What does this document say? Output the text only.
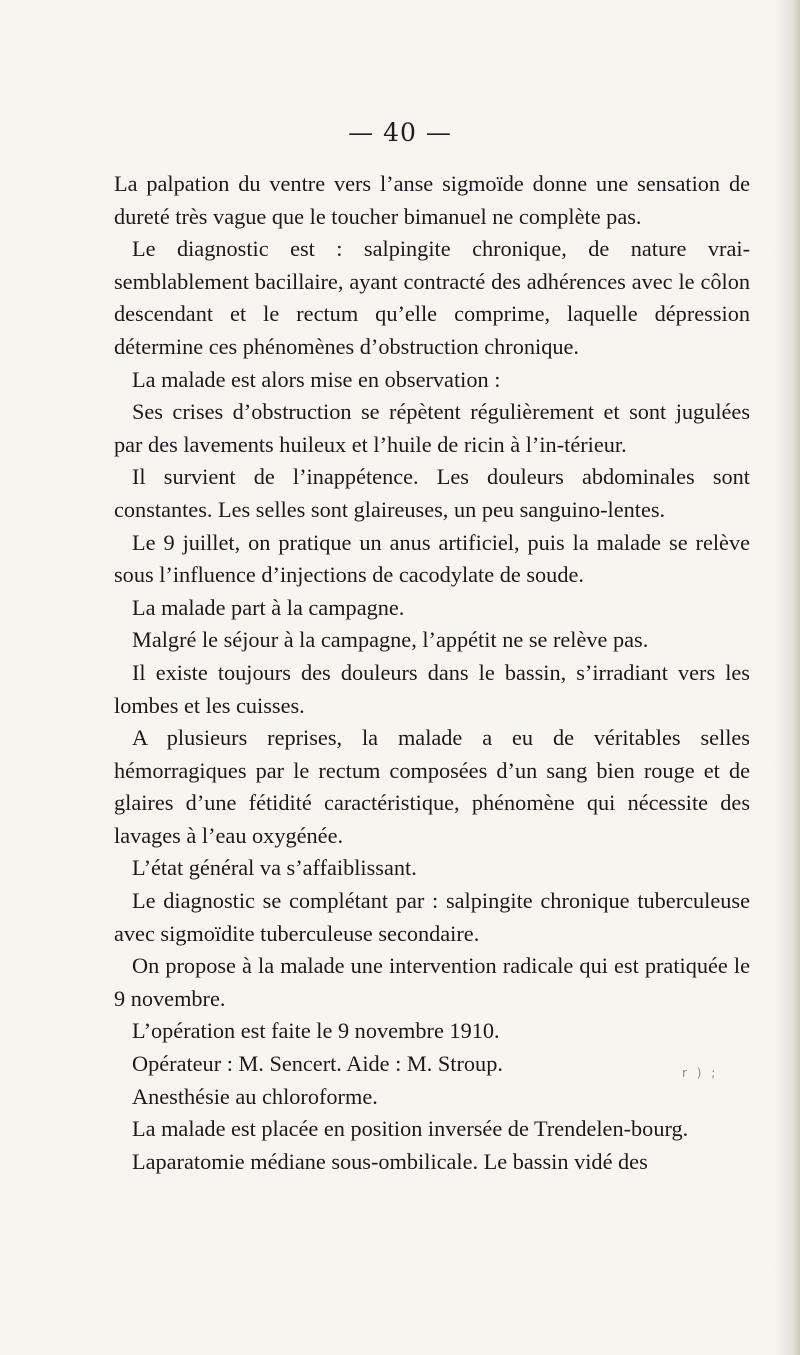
— 40 —

La palpation du ventre vers l’anse sigmoïde donne une sensation de dureté très vague que le toucher bimanuel ne complète pas.

Le diagnostic est : salpingite chronique, de nature vrai-semblablement bacillaire, ayant contracté des adhérences avec le côlon descendant et le rectum qu’elle comprime, laquelle dépression détermine ces phénomènes d’obstruction chronique.

La malade est alors mise en observation :

Ses crises d’obstruction se répètent régulièrement et sont jugulées par des lavements huileux et l’huile de ricin à l’in-térieur.

Il survient de l’inappétence. Les douleurs abdominales sont constantes. Les selles sont glaireuses, un peu sanguino-lentes.

Le 9 juillet, on pratique un anus artificiel, puis la malade se relève sous l’influence d’injections de cacodylate de soude.

La malade part à la campagne.

Malgré le séjour à la campagne, l’appétit ne se relève pas.

Il existe toujours des douleurs dans le bassin, s’irradiant vers les lombes et les cuisses.

A plusieurs reprises, la malade a eu de véritables selles hémorragiques par le rectum composées d’un sang bien rouge et de glaires d’une fétidité caractéristique, phénomène qui nécessite des lavages à l’eau oxygénée.

L’état général va s’affaiblissant.

Le diagnostic se complétant par : salpingite chronique tuberculeuse avec sigmoïdite tuberculeuse secondaire.

On propose à la malade une intervention radicale qui est pratiquée le 9 novembre.

L’opération est faite le 9 novembre 1910.

Opérateur : M. Sencert. Aide : M. Stroup.

Anesthésie au chloroforme.

La malade est placée en position inversée de Trendelen-bourg.

Laparatomie médiane sous-ombilicale. Le bassin vidé des

r ) ;
